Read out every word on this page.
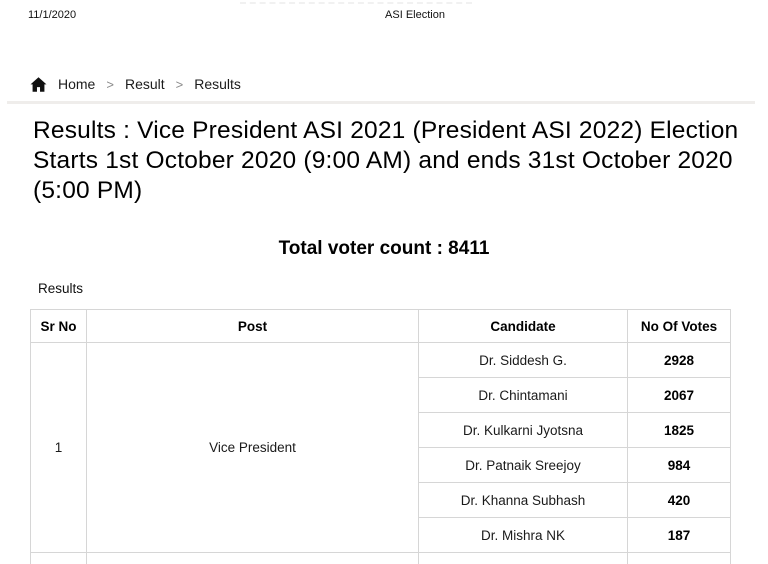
11/1/2020	ASI Election
Home > Result > Results
Results : Vice President ASI 2021 (President ASI 2022) Election
Starts 1st October 2020 (9:00 AM) and ends 31st October 2020
(5:00 PM)
Total voter count : 8411
Results
Sr No	Post	Candidate	No Of Votes
1	Vice President	Dr. Siddesh G.	2928
		Dr. Chintamani	2067
		Dr. Kulkarni Jyotsna	1825
		Dr. Patnaik Sreejoy	984
		Dr. Khanna Subhash	420
		Dr. Mishra NK	187
